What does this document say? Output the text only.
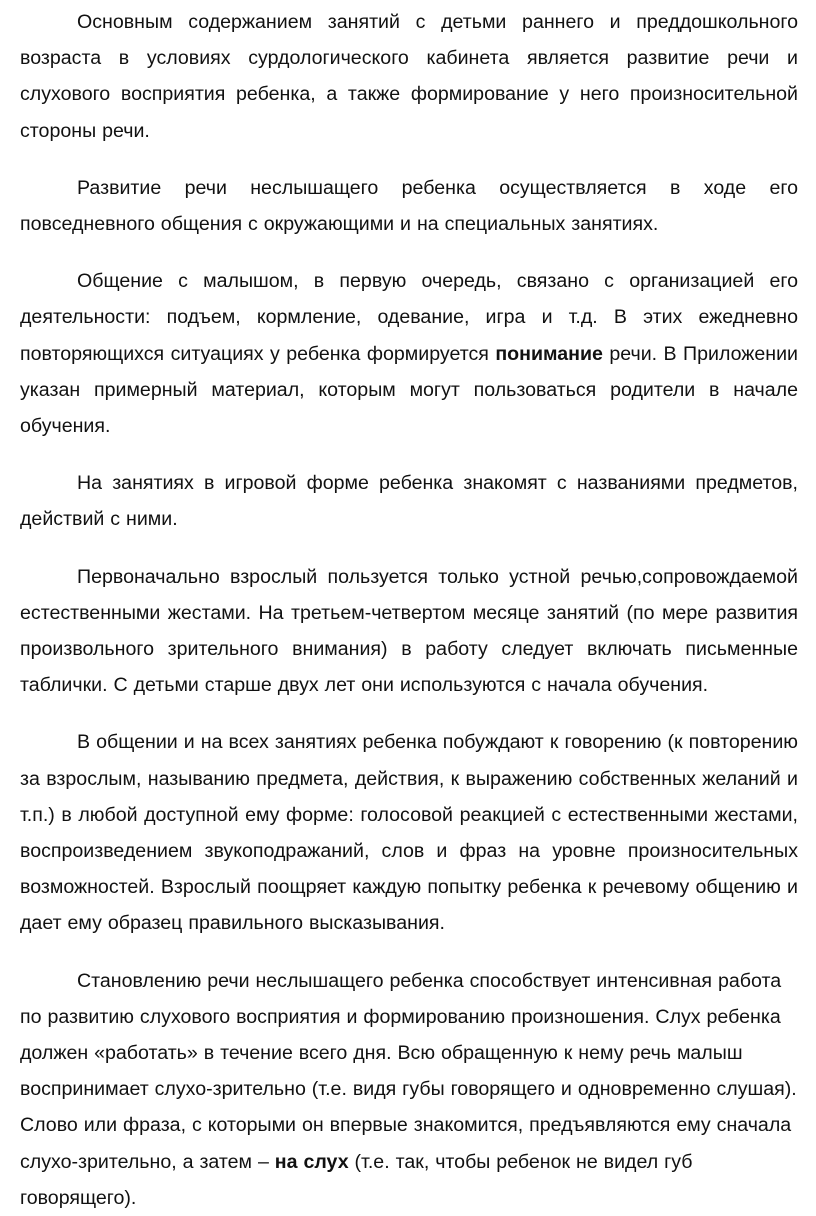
Основным содержанием занятий с детьми раннего и преддошкольного возраста в условиях сурдологического кабинета является развитие речи и слухового восприятия ребенка, а также формирование у него произносительной стороны речи.

Развитие речи неслышащего ребенка осуществляется в ходе его повседневного общения с окружающими и на специальных занятиях.

Общение с малышом, в первую очередь, связано с организацией его деятельности: подъем, кормление, одевание, игра и т.д. В этих ежедневно повторяющихся ситуациях у ребенка формируется понимание речи. В Приложении указан примерный материал, которым могут пользоваться родители в начале обучения.

На занятиях в игровой форме ребенка знакомят с названиями предметов, действий с ними.

Первоначально взрослый пользуется только устной речью,сопровождаемой естественными жестами. На третьем-четвертом месяце занятий (по мере развития произвольного зрительного внимания) в работу следует включать письменные таблички. С детьми старше двух лет они используются с начала обучения.

В общении и на всех занятиях ребенка побуждают к говорению (к повторению за взрослым, называнию предмета, действия, к выражению собственных желаний и т.п.) в любой доступной ему форме: голосовой реакцией с естественными жестами, воспроизведением звукоподражаний, слов и фраз на уровне произносительных возможностей. Взрослый поощряет каждую попытку ребенка к речевому общению и дает ему образец правильного высказывания.

Становлению речи неслышащего ребенка способствует интенсивная работа по развитию слухового восприятия и формированию произношения. Слух ребенка должен «работать» в течение всего дня. Всю обращенную к нему речь малыш воспринимает слухо-зрительно (т.е. видя губы говорящего и одновременно слушая). Слово или фраза, с которыми он впервые знакомится, предъявляются ему сначала слухо-зрительно, а затем – на слух (т.е. так, чтобы ребенок не видел губ говорящего).
